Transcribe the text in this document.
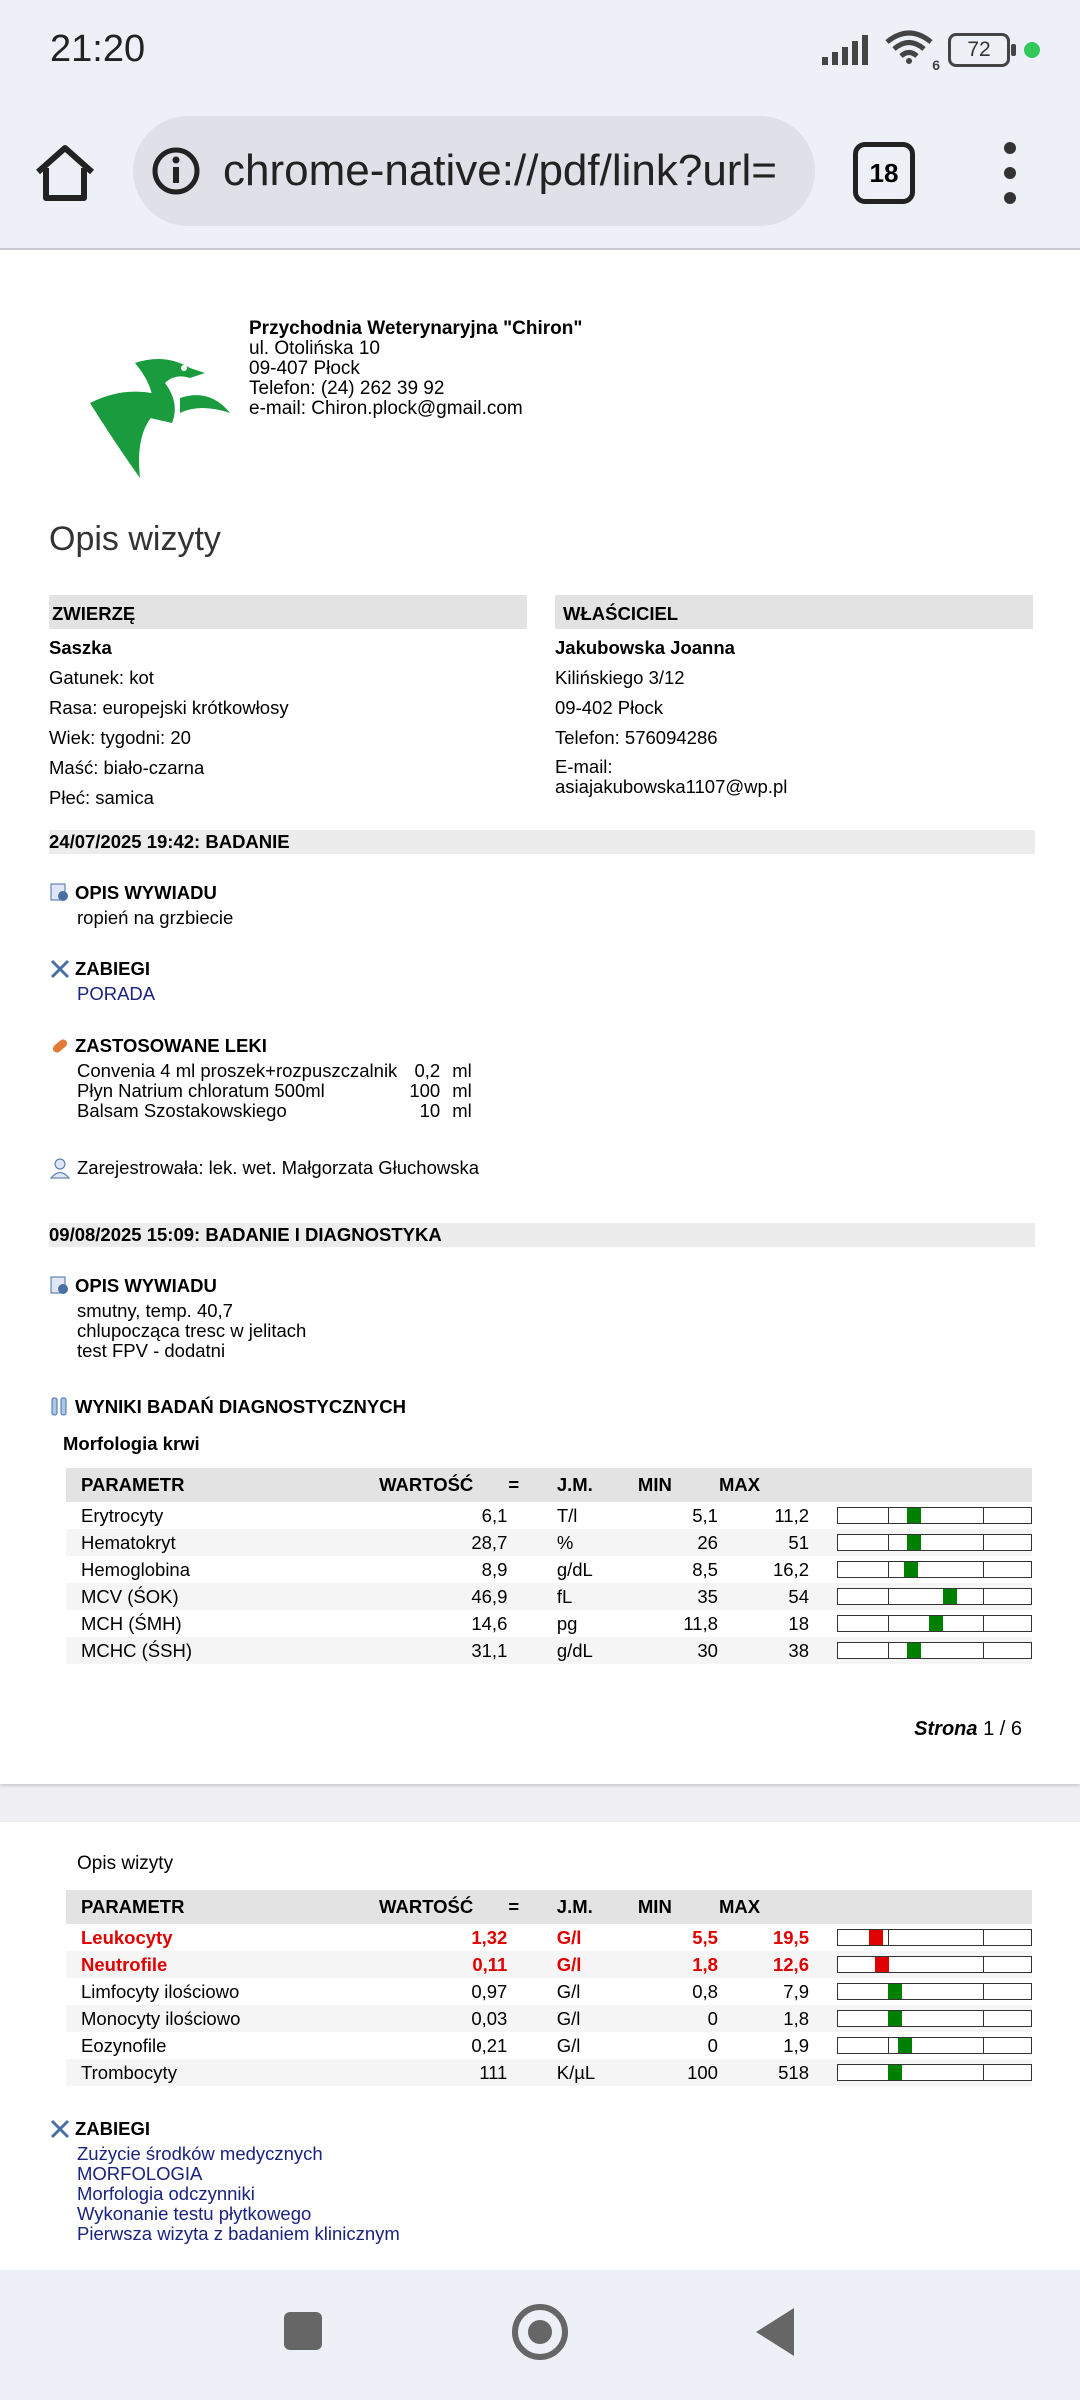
21:20	6
72
chrome-native://pdf/link?url=	18
Przychodnia Weterynaryjna "Chiron"
ul. Otolińska 10
09-407 Płock
Telefon: (24) 262 39 92
e-mail: Chiron.plock@gmail.com
Opis wizyty
ZWIERZĘ
Saszka
Gatunek: kot
Rasa: europejski krótkowłosy
Wiek: tygodni: 20
Maść: biało-czarna
Płeć: samica
WŁAŚCICIEL
Jakubowska Joanna
Kilińskiego 3/12
09-402 Płock
Telefon: 576094286
E-mail:
asiajakubowska1107@wp.pl
24/07/2025 19:42: BADANIE
OPIS WYWIADU
ropień na grzbiecie
ZABIEGI
PORADA
ZASTOSOWANE LEKI
Convenia 4 ml proszek+rozpuszczalnik	0,2	ml
Płyn Natrium chloratum 500ml	100	ml
Balsam Szostakowskiego	10	ml
Zarejestrowała: lek. wet. Małgorzata Głuchowska
09/08/2025 15:09: BADANIE I DIAGNOSTYKA
OPIS WYWIADU
smutny, temp. 40,7
chlupocząca tresc w jelitach
test FPV - dodatni
WYNIKI BADAŃ DIAGNOSTYCZNYCH
Morfologia krwi
PARAMETR	WARTOŚĆ	=	J.M.	MIN	MAX	
Erytrocyty	6,1		T/l	5,1	11,2	

Hematokryt	28,7		%	26	51	

Hemoglobina	8,9		g/dL	8,5	16,2	

MCV (ŚOK)	46,9		fL	35	54	

MCH (ŚMH)	14,6		pg	11,8	18	

MCHC (ŚSH)	31,1		g/dL	30	38	
Strona 1 / 6
Opis wizyty
PARAMETR	WARTOŚĆ	=	J.M.	MIN	MAX	
Leukocyty	1,32		G/l	5,5	19,5	

Neutrofile	0,11		G/l	1,8	12,6	

Limfocyty ilościowo	0,97		G/l	0,8	7,9	

Monocyty ilościowo	0,03		G/l	0	1,8	

Eozynofile	0,21		G/l	0	1,9	

Trombocyty	111		K/µL	100	518	
ZABIEGI
Zużycie środków medycznych
MORFOLOGIA
Morfologia odczynniki
Wykonanie testu płytkowego
Pierwsza wizyta z badaniem klinicznym
